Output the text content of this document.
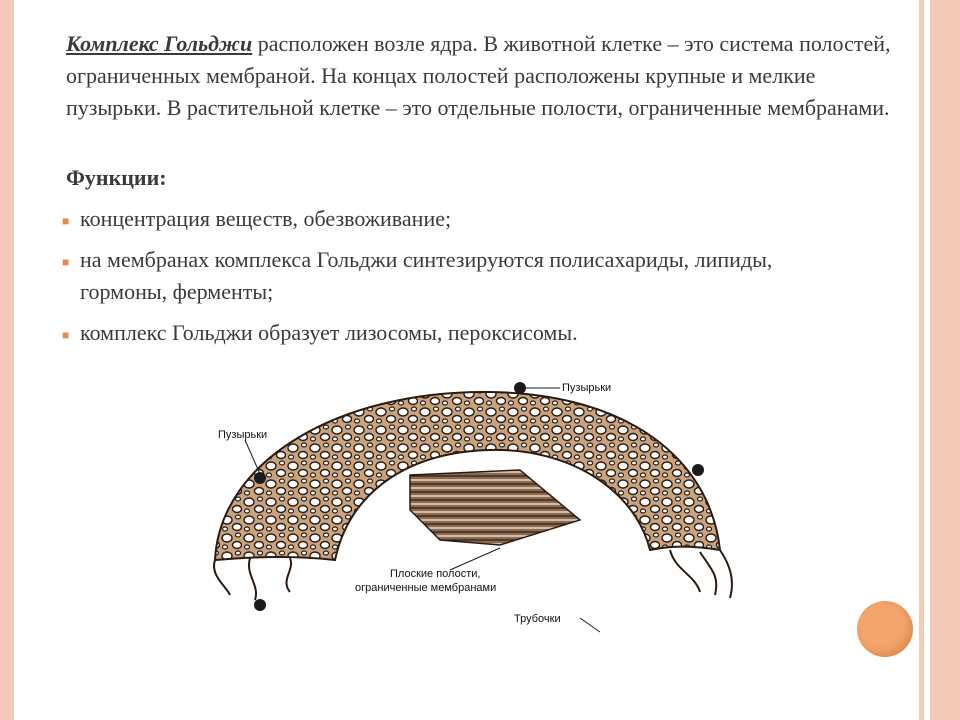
Комплекс Гольджи расположен возле ядра. В животной клетке – это система полостей, ограниченных мембраной. На концах полостей расположены крупные и мелкие пузырьки. В растительной клетке – это отдельные полости, ограниченные мембранами.

Функции:

■ концентрация веществ, обезвоживание;
■ на мембранах комплекса Гольджи синтезируются полисахариды, липиды, гормоны, ферменты;
■ комплекс Гольджи образует лизосомы, пероксисомы.
Пузырьки
Пузырьки
Плоские полости,
ограниченные мембранами
Трубочки
